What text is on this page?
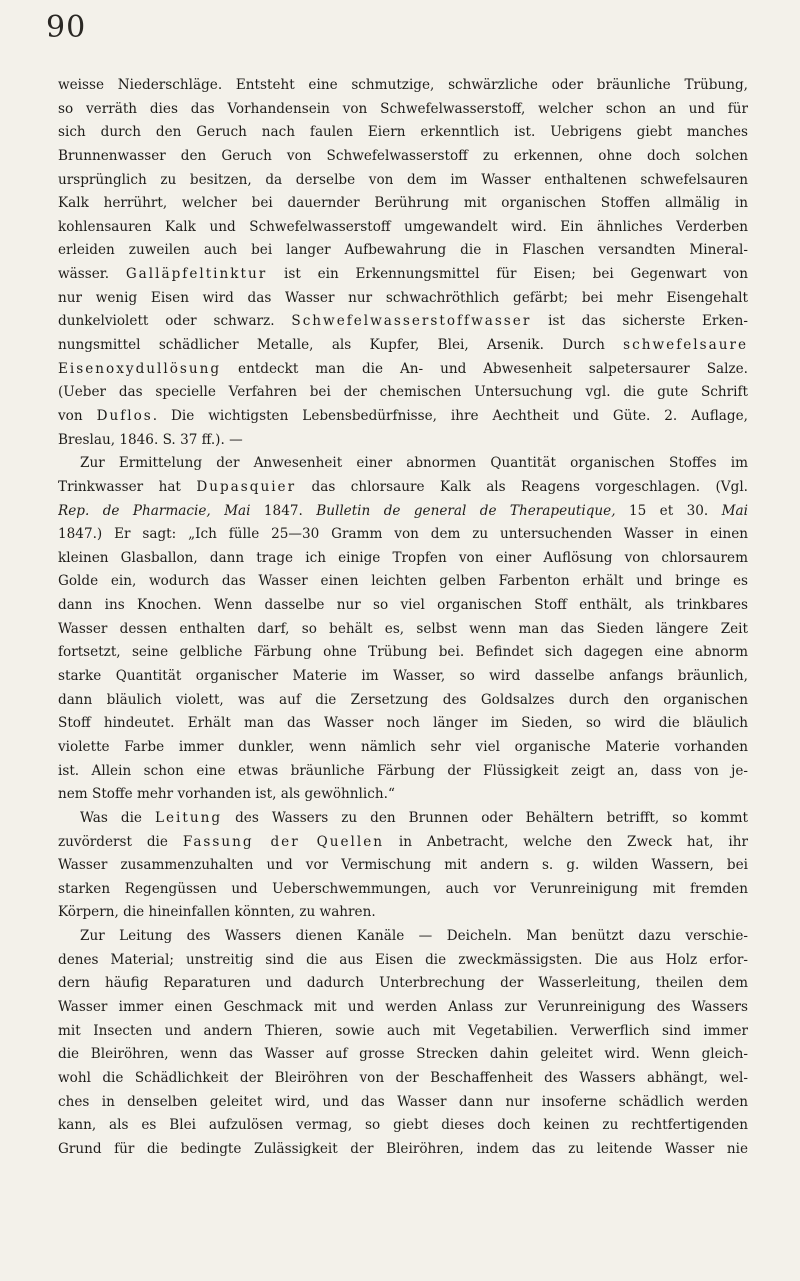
90
weisse Niederschläge. Entsteht eine schmutzige, schwärzliche oder bräunliche Trübung,
so verräth dies das Vorhandensein von Schwefelwasserstoff, welcher schon an und für
sich durch den Geruch nach faulen Eiern erkenntlich ist. Uebrigens giebt manches
Brunnenwasser den Geruch von Schwefelwasserstoff zu erkennen, ohne doch solchen
ursprünglich zu besitzen, da derselbe von dem im Wasser enthaltenen schwefelsauren
Kalk herrührt, welcher bei dauernder Berührung mit organischen Stoffen allmälig in
kohlensauren Kalk und Schwefelwasserstoff umgewandelt wird. Ein ähnliches Verderben
erleiden zuweilen auch bei langer Aufbewahrung die in Flaschen versandten Mineral-
wässer. Galläpfeltinktur ist ein Erkennungsmittel für Eisen; bei Gegenwart von
nur wenig Eisen wird das Wasser nur schwachröthlich gefärbt; bei mehr Eisengehalt
dunkelviolett oder schwarz. Schwefelwasserstoffwasser ist das sicherste Erken-
nungsmittel schädlicher Metalle, als Kupfer, Blei, Arsenik. Durch schwefelsaure
Eisenoxydullösung entdeckt man die An- und Abwesenheit salpetersaurer Salze.
(Ueber das specielle Verfahren bei der chemischen Untersuchung vgl. die gute Schrift
von Duflos. Die wichtigsten Lebensbedürfnisse, ihre Aechtheit und Güte. 2. Auflage,
Breslau, 1846. S. 37 ff.). —
Zur Ermittelung der Anwesenheit einer abnormen Quantität organischen Stoffes im
Trinkwasser hat Dupasquier das chlorsaure Kalk als Reagens vorgeschlagen. (Vgl.
Rep. de Pharmacie, Mai 1847. Bulletin de general de Therapeutique, 15 et 30. Mai
1847.) Er sagt: „Ich fülle 25—30 Gramm von dem zu untersuchenden Wasser in einen
kleinen Glasballon, dann trage ich einige Tropfen von einer Auflösung von chlorsaurem
Golde ein, wodurch das Wasser einen leichten gelben Farbenton erhält und bringe es
dann ins Knochen. Wenn dasselbe nur so viel organischen Stoff enthält, als trinkbares
Wasser dessen enthalten darf, so behält es, selbst wenn man das Sieden längere Zeit
fortsetzt, seine gelbliche Färbung ohne Trübung bei. Befindet sich dagegen eine abnorm
starke Quantität organischer Materie im Wasser, so wird dasselbe anfangs bräunlich,
dann bläulich violett, was auf die Zersetzung des Goldsalzes durch den organischen
Stoff hindeutet. Erhält man das Wasser noch länger im Sieden, so wird die bläulich
violette Farbe immer dunkler, wenn nämlich sehr viel organische Materie vorhanden
ist. Allein schon eine etwas bräunliche Färbung der Flüssigkeit zeigt an, dass von je-
nem Stoffe mehr vorhanden ist, als gewöhnlich.“
Was die Leitung des Wassers zu den Brunnen oder Behältern betrifft, so kommt
zuvörderst die Fassung der Quellen in Anbetracht, welche den Zweck hat, ihr
Wasser zusammenzuhalten und vor Vermischung mit andern s. g. wilden Wassern, bei
starken Regengüssen und Ueberschwemmungen, auch vor Verunreinigung mit fremden
Körpern, die hineinfallen könnten, zu wahren.
Zur Leitung des Wassers dienen Kanäle — Deicheln. Man benützt dazu verschie-
denes Material; unstreitig sind die aus Eisen die zweckmässigsten. Die aus Holz erfor-
dern häufig Reparaturen und dadurch Unterbrechung der Wasserleitung, theilen dem
Wasser immer einen Geschmack mit und werden Anlass zur Verunreinigung des Wassers
mit Insecten und andern Thieren, sowie auch mit Vegetabilien. Verwerflich sind immer
die Bleiröhren, wenn das Wasser auf grosse Strecken dahin geleitet wird. Wenn gleich-
wohl die Schädlichkeit der Bleiröhren von der Beschaffenheit des Wassers abhängt, wel-
ches in denselben geleitet wird, und das Wasser dann nur insoferne schädlich werden
kann, als es Blei aufzulösen vermag, so giebt dieses doch keinen zu rechtfertigenden
Grund für die bedingte Zulässigkeit der Bleiröhren, indem das zu leitende Wasser nie
